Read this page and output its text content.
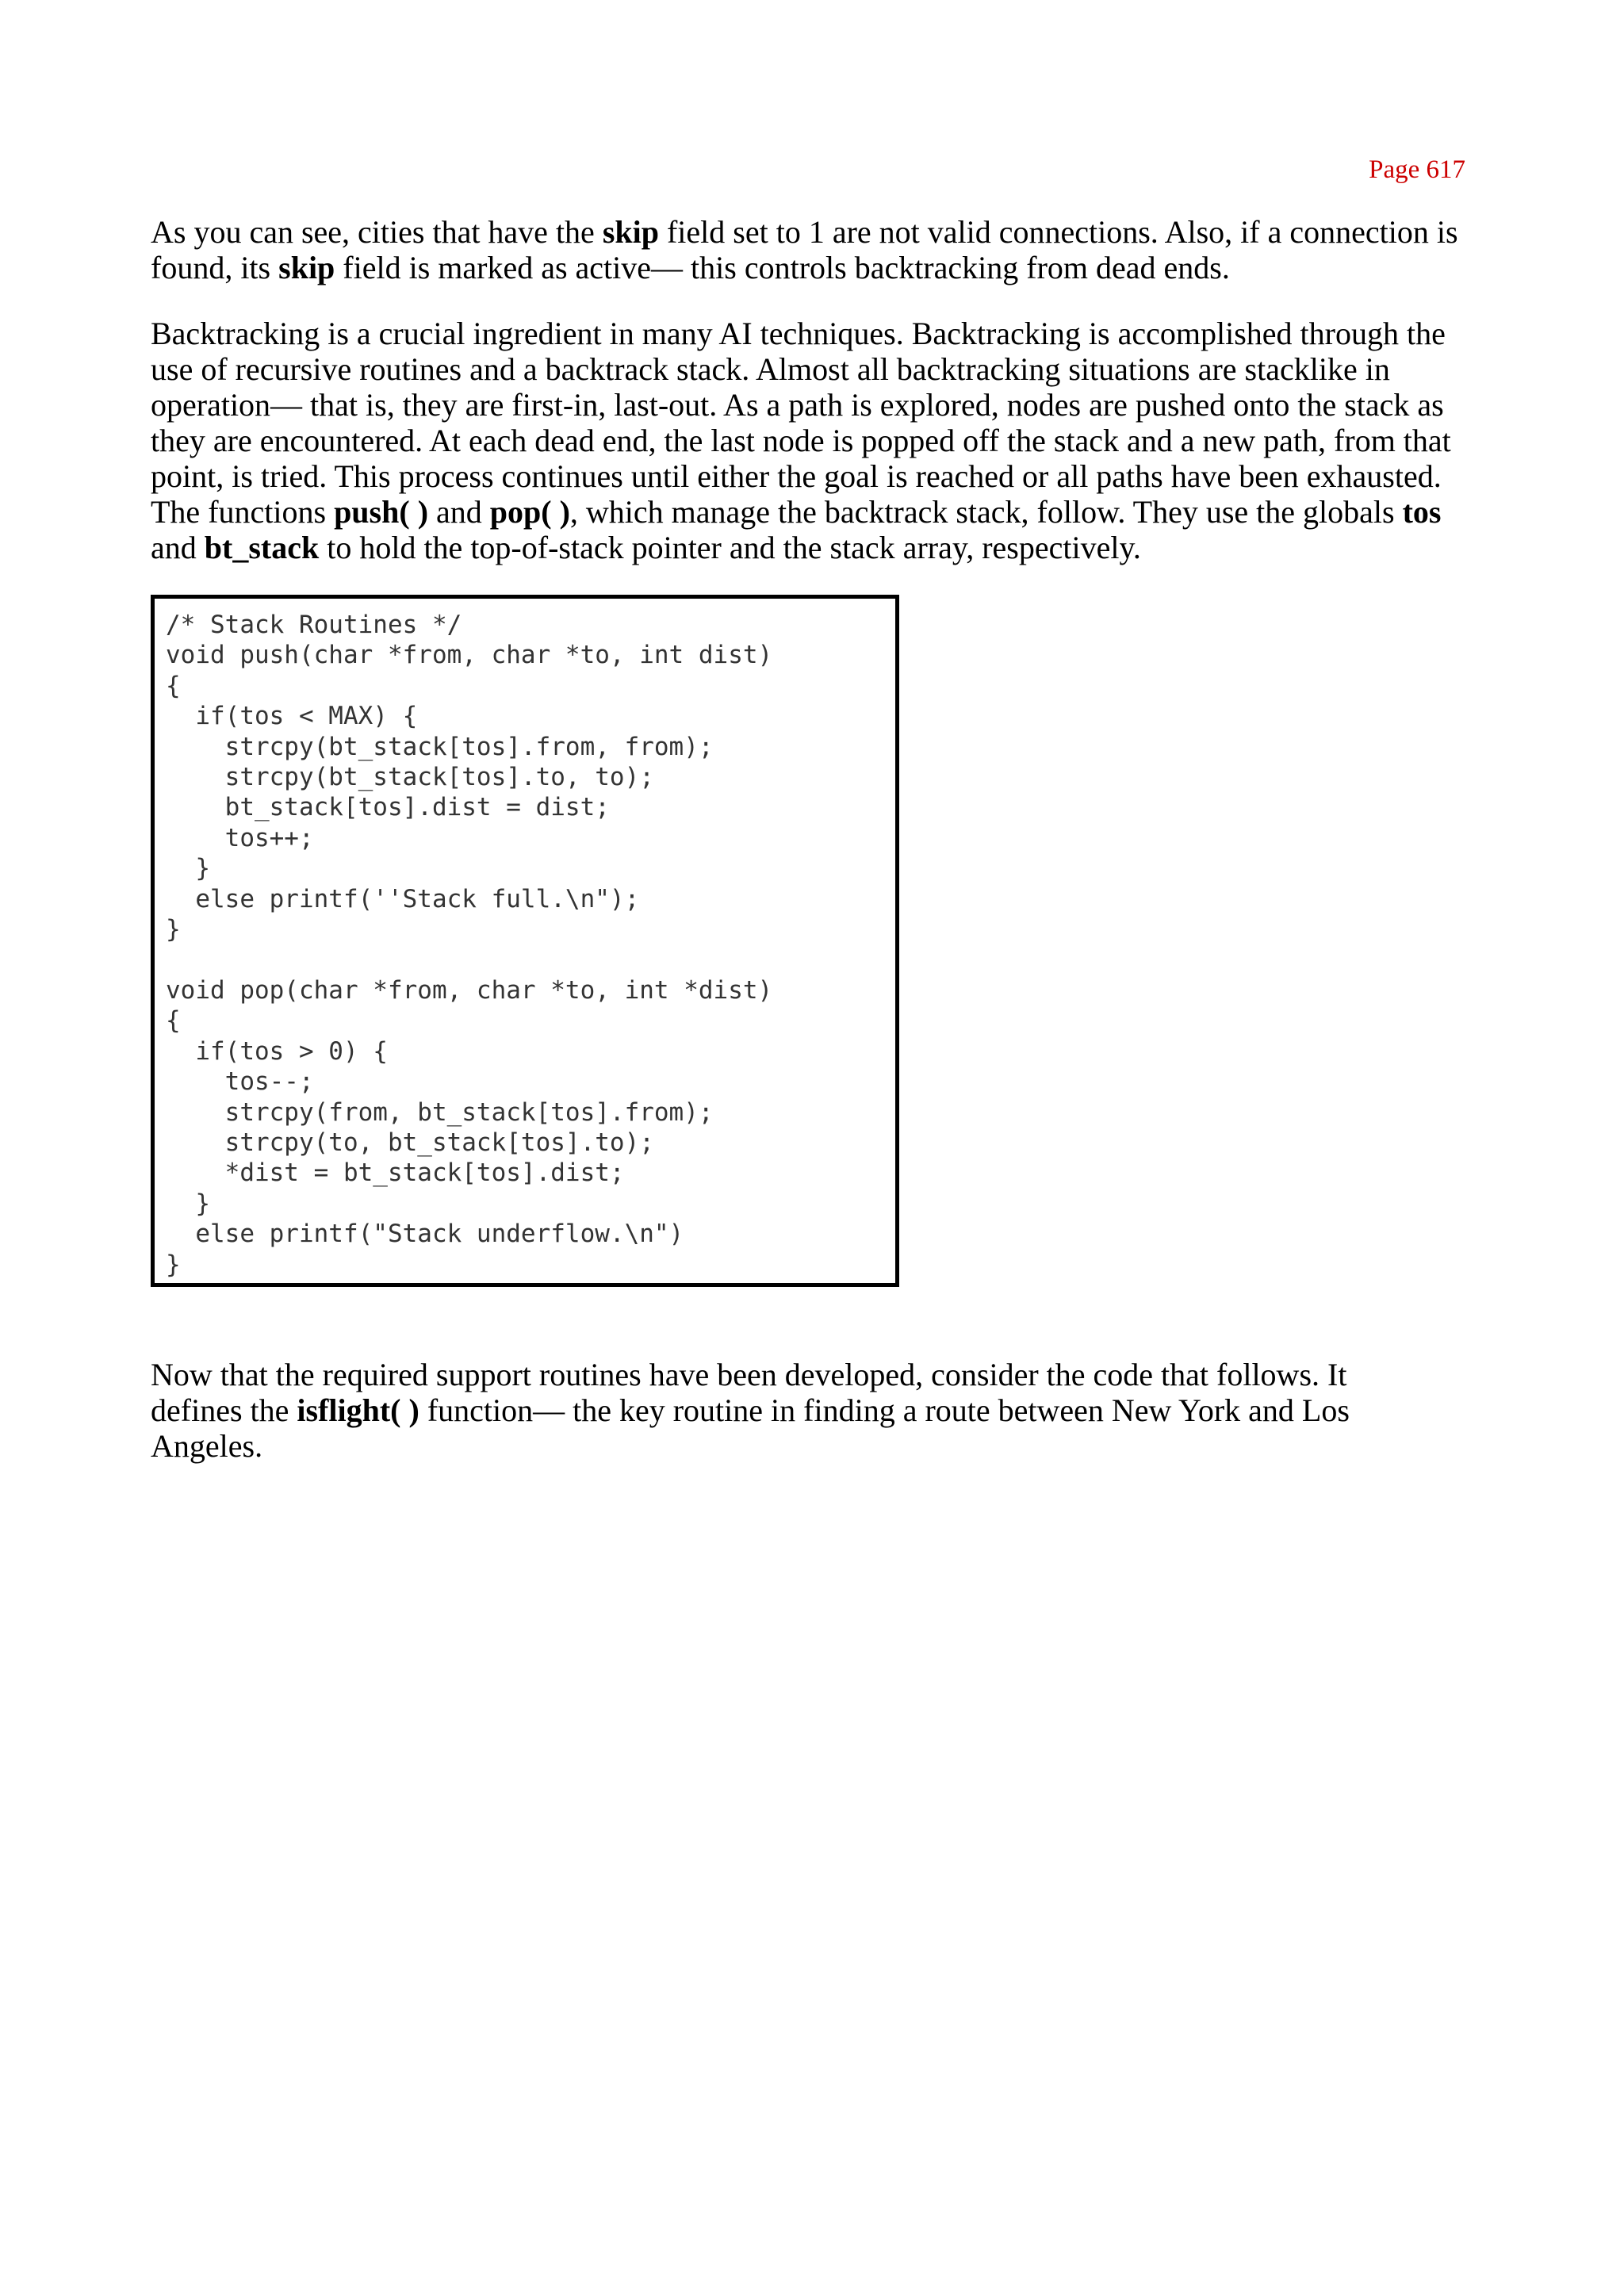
Page 617

As you can see, cities that have the skip field set to 1 are not valid connections. Also, if a connection is found, its skip field is marked as active— this controls backtracking from dead ends.

Backtracking is a crucial ingredient in many AI techniques. Backtracking is accomplished through the use of recursive routines and a backtrack stack. Almost all backtracking situations are stacklike in operation— that is, they are first-in, last-out. As a path is explored, nodes are pushed onto the stack as they are encountered. At each dead end, the last node is popped off the stack and a new path, from that point, is tried. This process continues until either the goal is reached or all paths have been exhausted. The functions push( ) and pop( ), which manage the backtrack stack, follow. They use the globals tos and bt_stack to hold the top-of-stack pointer and the stack array, respectively.

/* Stack Routines */
void push(char *from, char *to, int dist)
{
if(tos < MAX) {
strcpy(bt_stack[tos].from, from);
strcpy(bt_stack[tos].to, to);
bt_stack[tos].dist = dist;
tos++;
}
else printf(''Stack full.\n");
}

void pop(char *from, char *to, int *dist)
{
if(tos > 0) {
tos--;
strcpy(from, bt_stack[tos].from);
strcpy(to, bt_stack[tos].to);
*dist = bt_stack[tos].dist;
}
else printf("Stack underflow.\n")
}

Now that the required support routines have been developed, consider the code that follows. It defines the isflight( ) function— the key routine in finding a route between New York and Los Angeles.
